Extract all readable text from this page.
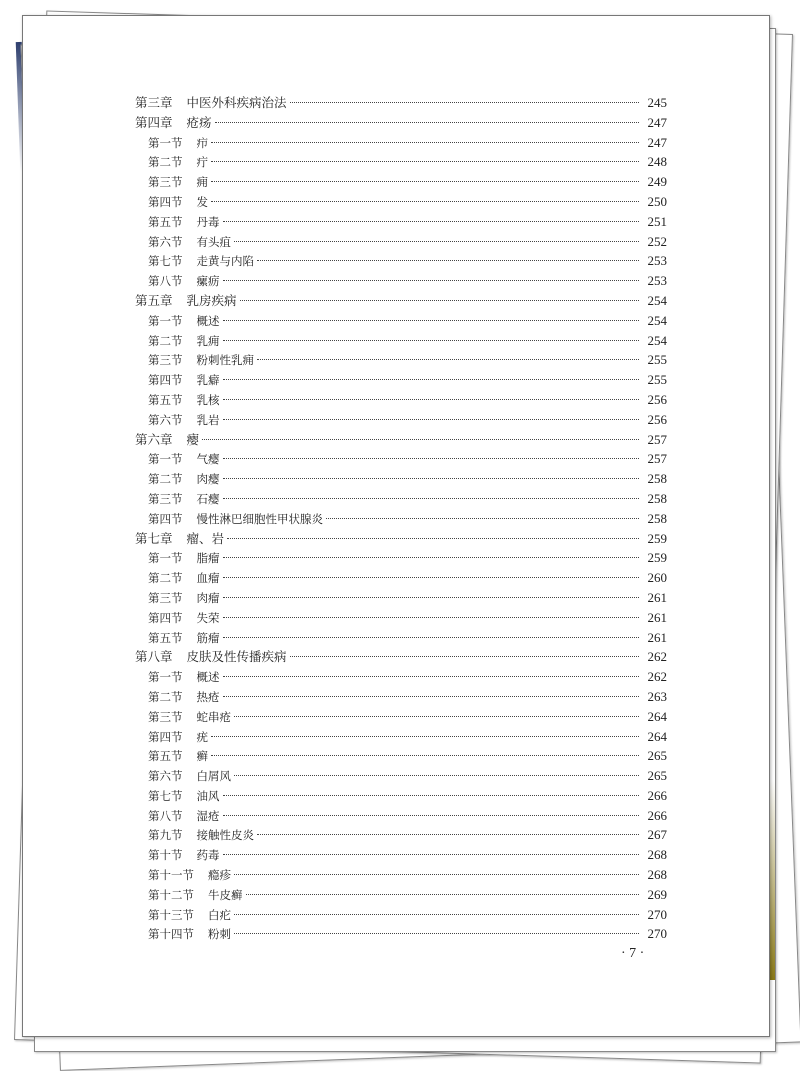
第三章 中医外科疾病治法	245
第四章 疮疡	247
第一节 疖	247
第二节 疔	248
第三节 痈	249
第四节 发	250
第五节 丹毒	251
第六节 有头疽	252
第七节 走黄与内陷	253
第八节 瘰疬	253
第五章 乳房疾病	254
第一节 概述	254
第二节 乳痈	254
第三节 粉刺性乳痈	255
第四节 乳癖	255
第五节 乳核	256
第六节 乳岩	256
第六章 瘿	257
第一节 气瘿	257
第二节 肉瘿	258
第三节 石瘿	258
第四节 慢性淋巴细胞性甲状腺炎	258
第七章 瘤、岩	259
第一节 脂瘤	259
第二节 血瘤	260
第三节 肉瘤	261
第四节 失荣	261
第五节 筋瘤	261
第八章 皮肤及性传播疾病	262
第一节 概述	262
第二节 热疮	263
第三节 蛇串疮	264
第四节 疣	264
第五节 癣	265
第六节 白屑风	265
第七节 油风	266
第八节 湿疮	266
第九节 接触性皮炎	267
第十节 药毒	268
第十一节 瘾疹	268
第十二节 牛皮癣	269
第十三节 白疕	270
第十四节 粉刺	270
· 7 ·
